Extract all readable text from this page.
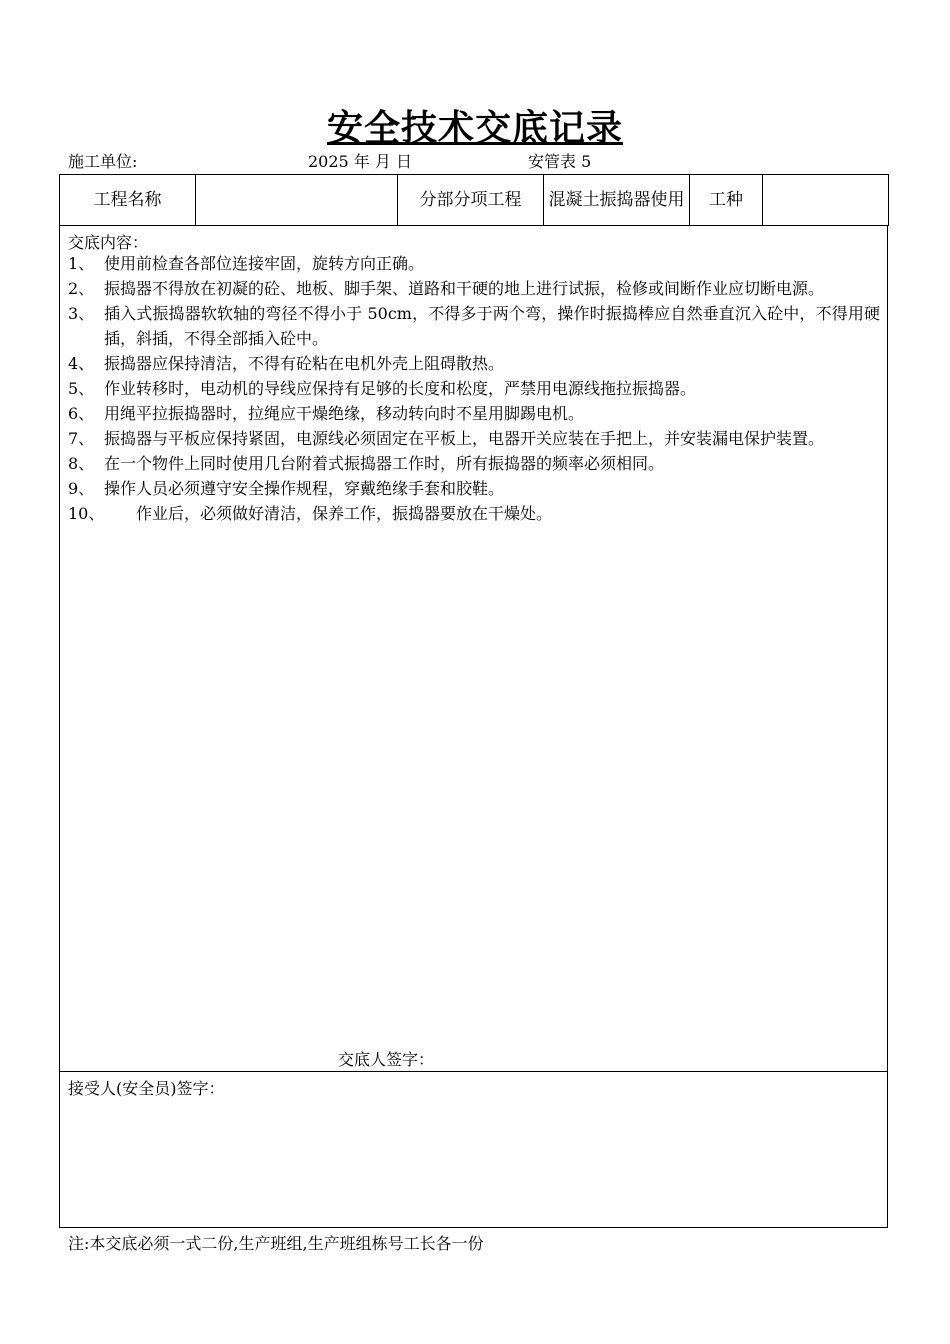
安全技术交底记录
施工单位:	2025 年 月 日	安管表 5
工程名称		分部分项工程	混凝土振捣器使用	工种	
交底内容：
1、 使用前检查各部位连接牢固，旋转方向正确。
2、 振捣器不得放在初凝的砼、地板、脚手架、道路和干硬的地上进行试振，检修或间断作业应切断电源。
3、 插入式振捣器软软轴的弯径不得小于 50cm，不得多于两个弯，操作时振捣棒应自然垂直沉入砼中，不得用硬插，斜插，不得全部插入砼中。
4、 振捣器应保持清洁，不得有砼粘在电机外壳上阻碍散热。
5、 作业转移时，电动机的导线应保持有足够的长度和松度，严禁用电源线拖拉振捣器。
6、 用绳平拉振捣器时，拉绳应干燥绝缘，移动转向时不星用脚踢电机。
7、 振捣器与平板应保持紧固，电源线必须固定在平板上，电器开关应装在手把上，并安装漏电保护装置。
8、 在一个物件上同时使用几台附着式振捣器工作时，所有振捣器的频率必须相同。
9、 操作人员必须遵守安全操作规程，穿戴绝缘手套和胶鞋。
10、	作业后，必须做好清洁，保养工作，振捣器要放在干燥处。
交底人签字：
接受人(安全员)签字：
注:本交底必须一式二份,生产班组,生产班组栋号工长各一份
